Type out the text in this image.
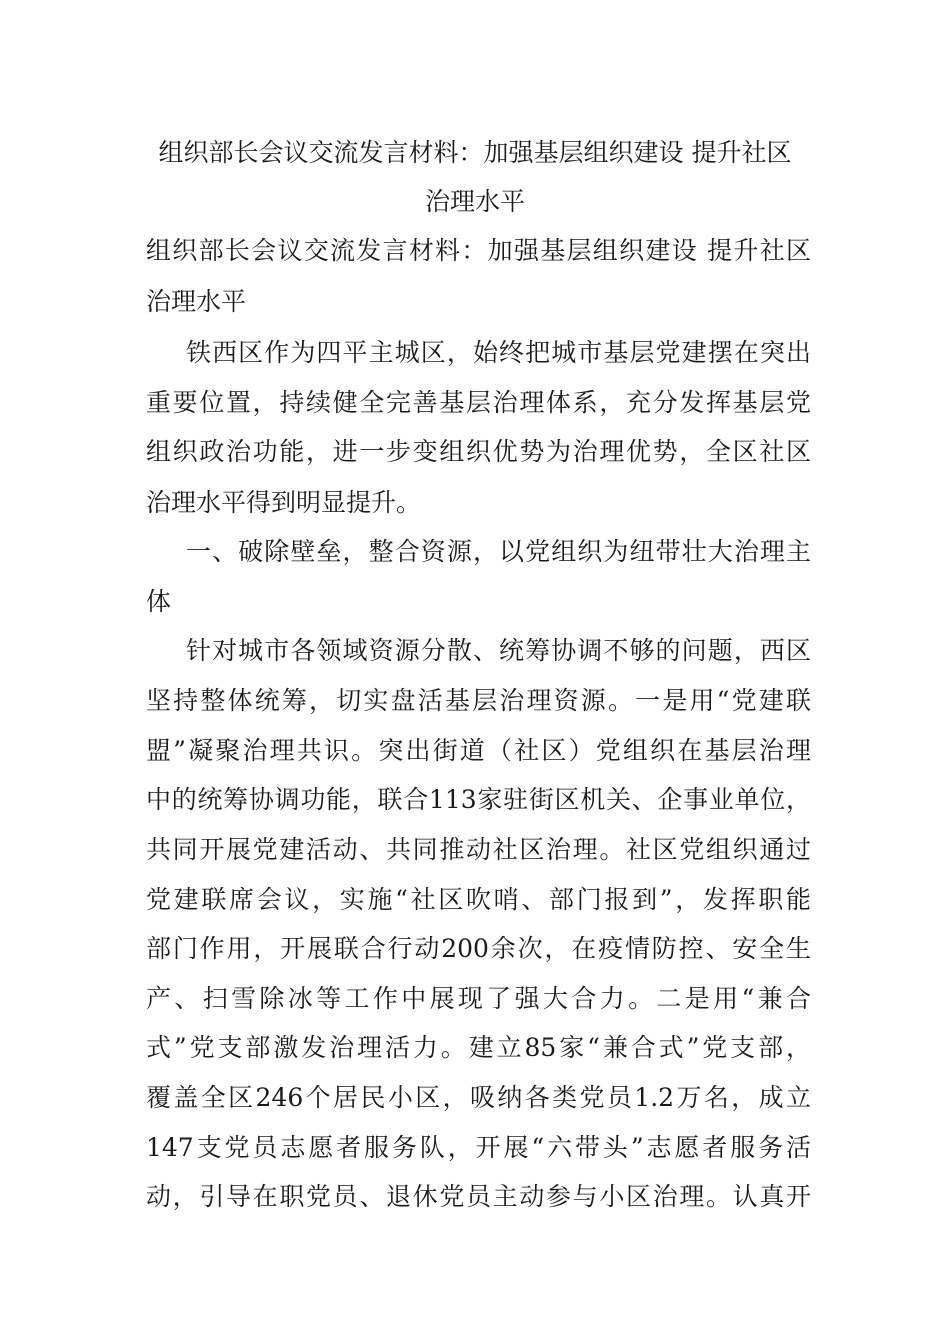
组织部长会议交流发言材料：加强基层组织建设 提升社区
治理水平
组织部长会议交流发言材料：加强基层组织建设 提升社区
治理水平
铁西区作为四平主城区，始终把城市基层党建摆在突出
重要位置，持续健全完善基层治理体系，充分发挥基层党
组织政治功能，进一步变组织优势为治理优势，全区社区
治理水平得到明显提升。
一、破除壁垒，整合资源，以党组织为纽带壮大治理主
体
针对城市各领域资源分散、统筹协调不够的问题，西区
坚持整体统筹，切实盘活基层治理资源。一是用“党建联
盟”凝聚治理共识。突出街道（社区）党组织在基层治理
中的统筹协调功能，联合113家驻街区机关、企事业单位，
共同开展党建活动、共同推动社区治理。社区党组织通过
党建联席会议，实施“社区吹哨、部门报到”，发挥职能
部门作用，开展联合行动200余次，在疫情防控、安全生
产、扫雪除冰等工作中展现了强大合力。二是用“兼合
式”党支部激发治理活力。建立85家“兼合式”党支部，
覆盖全区246个居民小区，吸纳各类党员1.2万名，成立
147支党员志愿者服务队，开展“六带头”志愿者服务活
动，引导在职党员、退休党员主动参与小区治理。认真开
